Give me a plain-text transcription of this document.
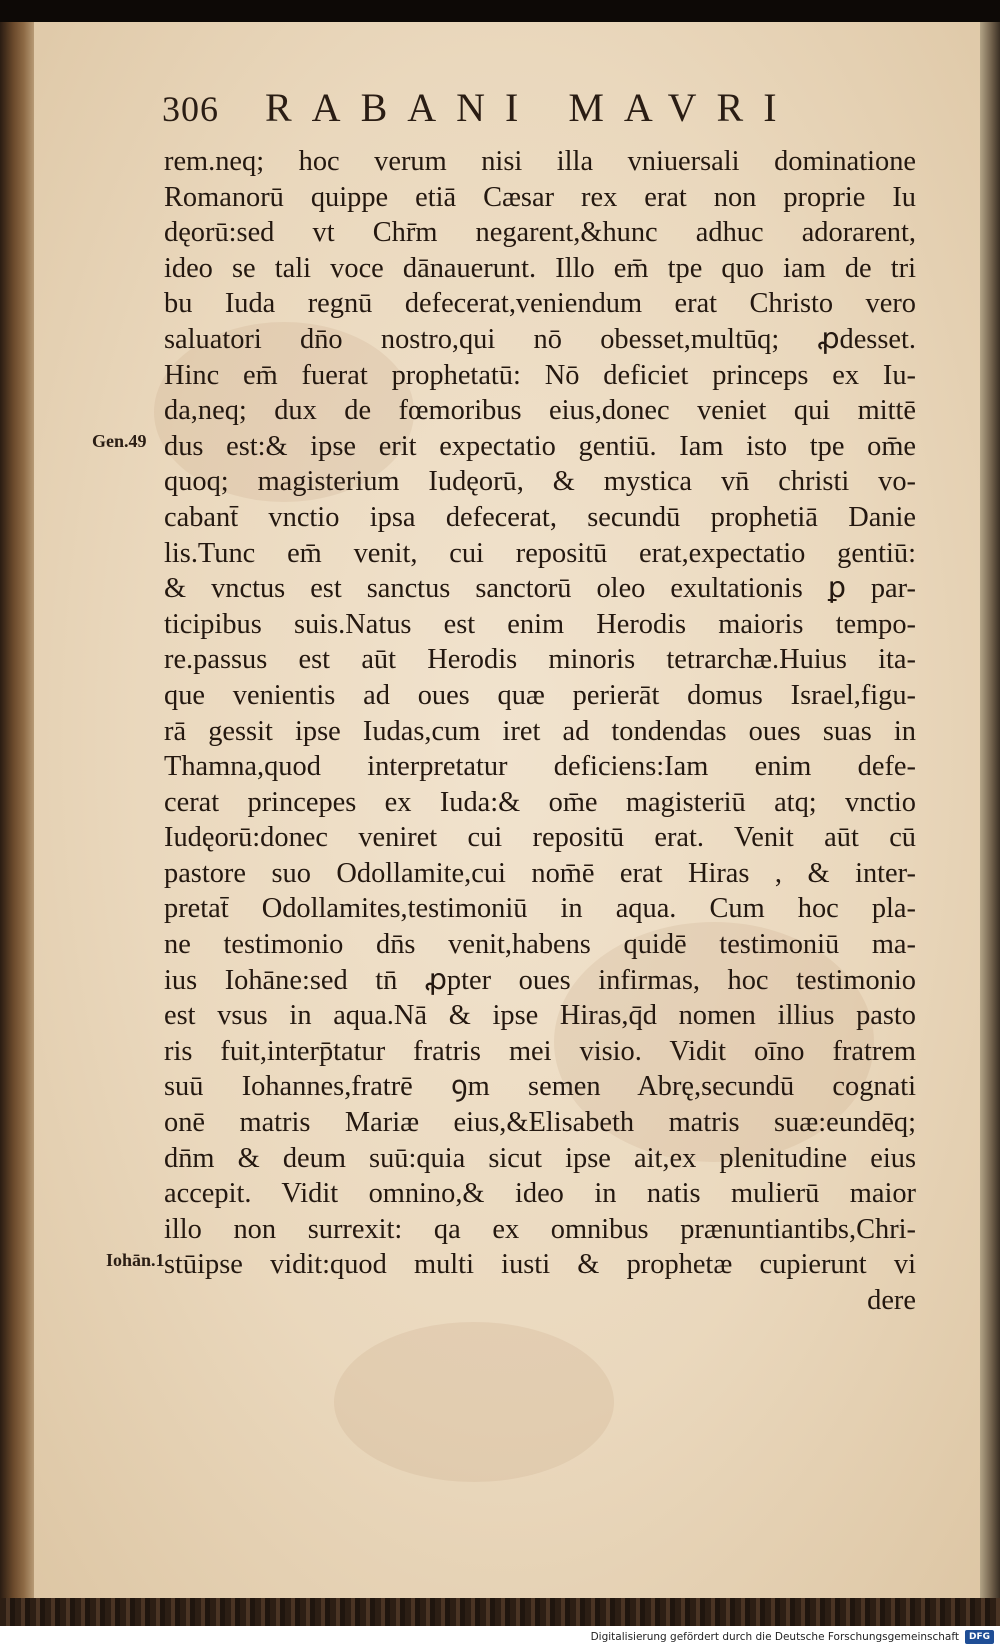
306 RABANI MAVRI
Gen.49
Iohān.1
rem.neq; hoc verum nisi illa vniuersali dominatione
Romanorū quippe etiā Cæsar rex erat non proprie Iu
dęorū:sed vt Chr̄m negarent,&hunc adhuc adorarent,
ideo se tali voce dānauerunt. Illo em̄ tpe quo iam de tri
bu Iuda regnū defecerat,veniendum erat Christo vero
saluatori dn̄o nostro,qui nō obesset,multūq; ꝓdesset.
Hinc em̄ fuerat prophetatū: Nō deficiet princeps ex Iu-
da,neq; dux de fœmoribus eius,donec veniet qui mittē
dus est:& ipse erit expectatio gentiū. Iam isto tpe om̄e
quoq; magisterium Iudęorū, & mystica vn̄ christi vo-
cabant̄ vnctio ipsa defecerat, secundū prophetiā Danie
lis.Tunc em̄ venit, cui repositū erat,expectatio gentiū:
& vnctus est sanctus sanctorū oleo exultationis ꝑ par-
ticipibus suis.Natus est enim Herodis maioris tempo-
re.passus est aūt Herodis minoris tetrarchæ.Huius ita-
que venientis ad oues quæ perierāt domus Israel,figu-
rā gessit ipse Iudas,cum iret ad tondendas oues suas in
Thamna,quod interpretatur deficiens:Iam enim defe-
cerat princepes ex Iuda:& om̄e magisteriū atq; vnctio
Iudęorū:donec veniret cui repositū erat. Venit aūt cū
pastore suo Odollamite,cui nom̄ē erat Hiras , & inter-
pretat̄ Odollamites,testimoniū in aqua. Cum hoc pla-
ne testimonio dn̄s venit,habens quidē testimoniū ma-
ius Iohāne:sed tn̄ ꝓpter oues infirmas, hoc testimonio
est vsus in aqua.Nā & ipse Hiras,q̄d nomen illius pasto
ris fuit,interp̄tatur fratris mei visio. Vidit oīno fratrem
suū Iohannes,fratrē ꝯm semen Abrę,secundū cognati
onē matris Mariæ eius,&Elisabeth matris suæ:eundēq;
dn̄m & deum suū:quia sicut ipse ait,ex plenitudine eius
accepit. Vidit omnino,& ideo in natis mulierū maior
illo non surrexit: qa ex omnibus prænuntiantibs,Chri-
stūipse vidit:quod multi iusti & prophetæ cupierunt vi
dere
Digitalisierung gefördert durch die Deutsche Forschungsgemeinschaft	DFG
